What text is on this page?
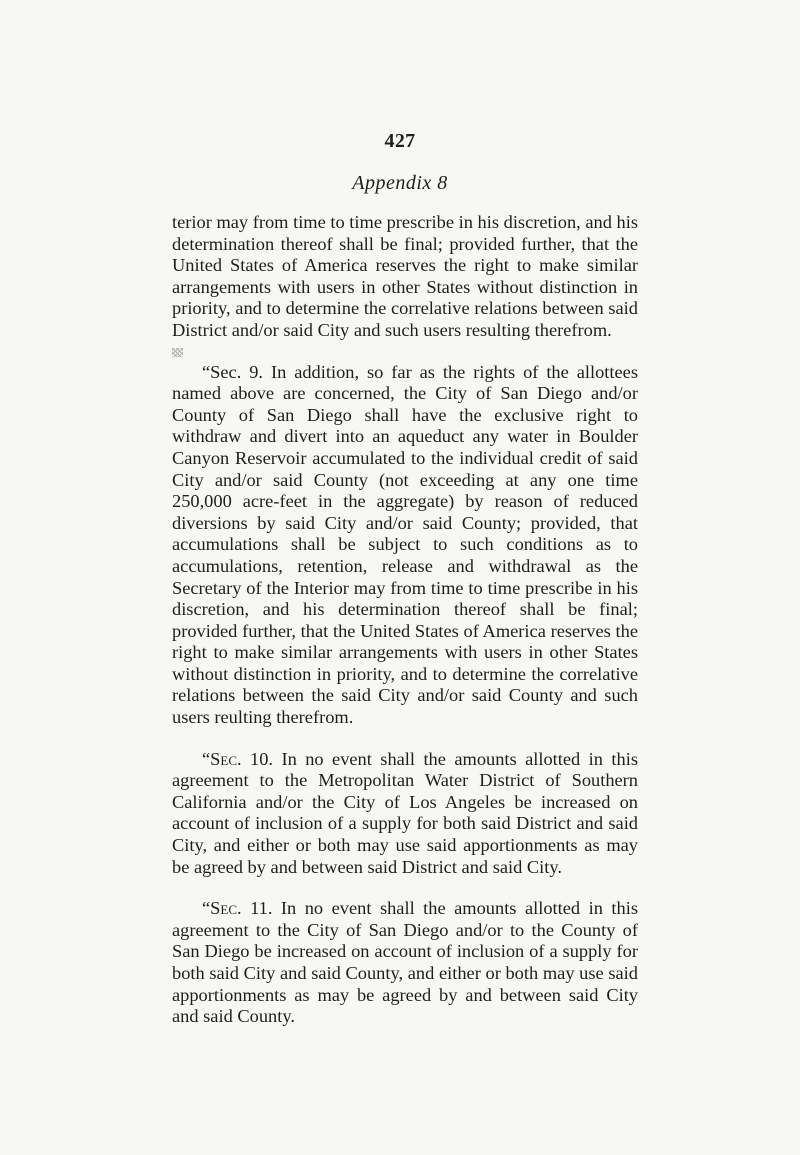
427
Appendix 8

terior may from time to time prescribe in his discretion, and his determination thereof shall be final; provided further, that the United States of America reserves the right to make similar arrangements with users in other States without distinction in priority, and to determine the correlative relations between said District and/or said City and such users resulting therefrom.

“Sec. 9. In addition, so far as the rights of the allottees named above are concerned, the City of San Diego and/or County of San Diego shall have the exclusive right to withdraw and divert into an aqueduct any water in Boulder Canyon Reservoir accumulated to the individual credit of said City and/or said County (not exceeding at any one time 250,000 acre-feet in the aggregate) by reason of reduced diversions by said City and/or said County; provided, that accumulations shall be subject to such conditions as to accumulations, retention, release and withdrawal as the Secretary of the Interior may from time to time prescribe in his discretion, and his determination thereof shall be final; provided further, that the United States of America reserves the right to make similar arrangements with users in other States without distinction in priority, and to determine the correlative relations between the said City and/or said County and such users reulting therefrom.

“Sec. 10. In no event shall the amounts allotted in this agreement to the Metropolitan Water District of Southern California and/or the City of Los Angeles be increased on account of inclusion of a supply for both said District and said City, and either or both may use said apportionments as may be agreed by and between said District and said City.

“Sec. 11. In no event shall the amounts allotted in this agreement to the City of San Diego and/or to the County of San Diego be increased on account of inclusion of a supply for both said City and said County, and either or both may use said apportionments as may be agreed by and between said City and said County.
